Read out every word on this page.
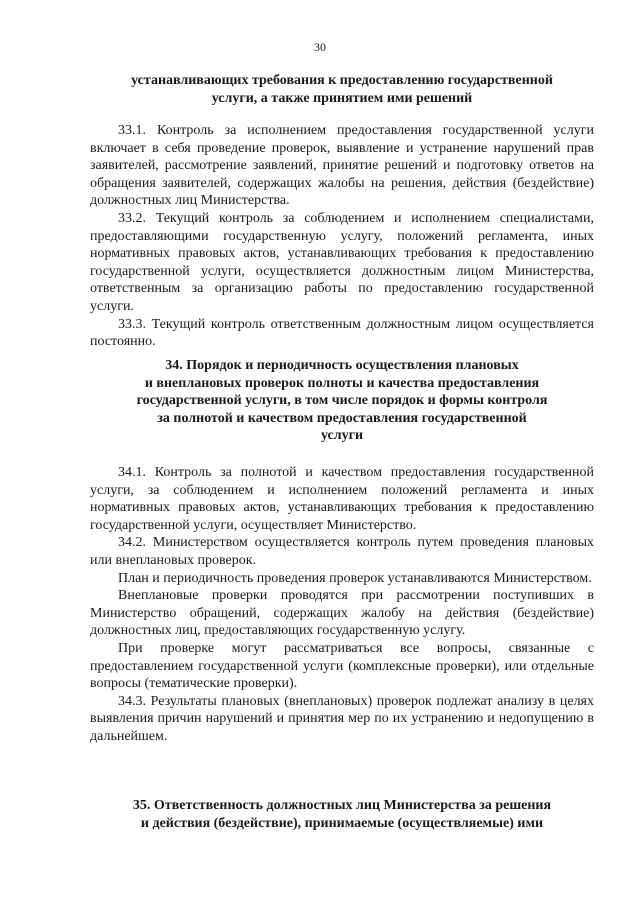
30
устанавливающих требования к предоставлению государственной
услуги, а также принятием ими решений

33.1. Контроль за исполнением предоставления государственной услуги включает в себя проведение проверок, выявление и устранение нарушений прав заявителей, рассмотрение заявлений, принятие решений и подготовку ответов на обращения заявителей, содержащих жалобы на решения, действия (бездействие) должностных лиц Министерства.

33.2. Текущий контроль за соблюдением и исполнением специалистами, предоставляющими государственную услугу, положений регламента, иных нормативных правовых актов, устанавливающих требования к предоставлению государственной услуги, осуществляется должностным лицом Министерства, ответственным за организацию работы по предоставлению государственной услуги.

33.3. Текущий контроль ответственным должностным лицом осуществляется постоянно.

34. Порядок и периодичность осуществления плановых
и внеплановых проверок полноты и качества предоставления
государственной услуги, в том числе порядок и формы контроля
за полнотой и качеством предоставления государственной
услуги

34.1. Контроль за полнотой и качеством предоставления государственной услуги, за соблюдением и исполнением положений регламента и иных нормативных правовых актов, устанавливающих требования к предоставлению государственной услуги, осуществляет Министерство.

34.2. Министерством осуществляется контроль путем проведения плановых или внеплановых проверок.

План и периодичность проведения проверок устанавливаются Министерством.

Внеплановые проверки проводятся при рассмотрении поступивших в Министерство обращений, содержащих жалобу на действия (бездействие) должностных лиц, предоставляющих государственную услугу.

При проверке могут рассматриваться все вопросы, связанные с предоставлением государственной услуги (комплексные проверки), или отдельные вопросы (тематические проверки).

34.3. Результаты плановых (внеплановых) проверок подлежат анализу в целях выявления причин нарушений и принятия мер по их устранению и недопущению в дальнейшем.

35. Ответственность должностных лиц Министерства за решения
и действия (бездействие), принимаемые (осуществляемые) ими
